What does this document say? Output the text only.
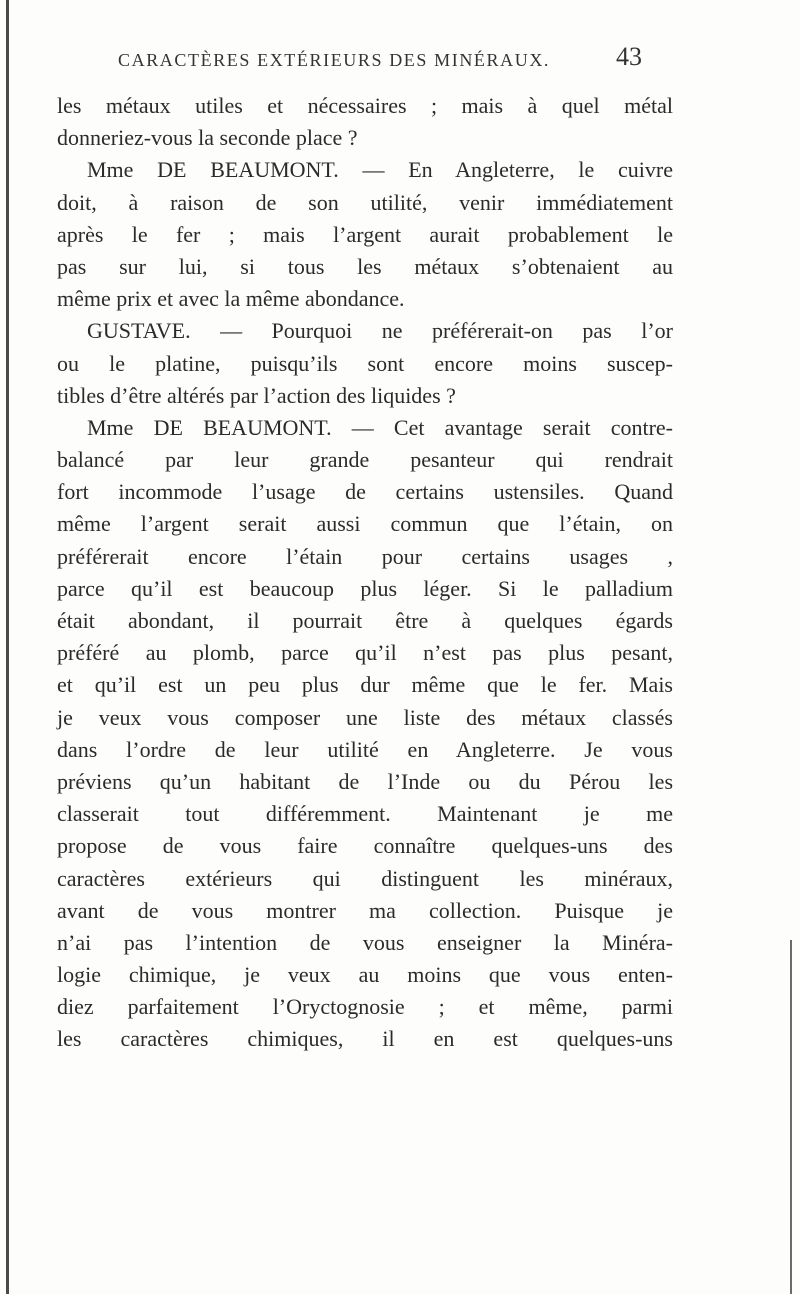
CARACTÈRES EXTÉRIEURS DES MINÉRAUX.	43
les métaux utiles et nécessaires ; mais à quel métal
donneriez-vous la seconde place ?
Mme DE BEAUMONT. — En Angleterre, le cuivre
doit, à raison de son utilité, venir immédiatement
après le fer ; mais l’argent aurait probablement le
pas sur lui, si tous les métaux s’obtenaient au
même prix et avec la même abondance.
GUSTAVE. — Pourquoi ne préférerait-on pas l’or
ou le platine, puisqu’ils sont encore moins suscep-
tibles d’être altérés par l’action des liquides ?
Mme DE BEAUMONT. — Cet avantage serait contre-
balancé par leur grande pesanteur qui rendrait
fort incommode l’usage de certains ustensiles. Quand
même l’argent serait aussi commun que l’étain, on
préférerait encore l’étain pour certains usages ,
parce qu’il est beaucoup plus léger. Si le palladium
était abondant, il pourrait être à quelques égards
préféré au plomb, parce qu’il n’est pas plus pesant,
et qu’il est un peu plus dur même que le fer. Mais
je veux vous composer une liste des métaux classés
dans l’ordre de leur utilité en Angleterre. Je vous
préviens qu’un habitant de l’Inde ou du Pérou les
classerait tout différemment. Maintenant je me
propose de vous faire connaître quelques-uns des
caractères extérieurs qui distinguent les minéraux,
avant de vous montrer ma collection. Puisque je
n’ai pas l’intention de vous enseigner la Minéra-
logie chimique, je veux au moins que vous enten-
diez parfaitement l’Oryctognosie ; et même, parmi
les caractères chimiques, il en est quelques-uns
